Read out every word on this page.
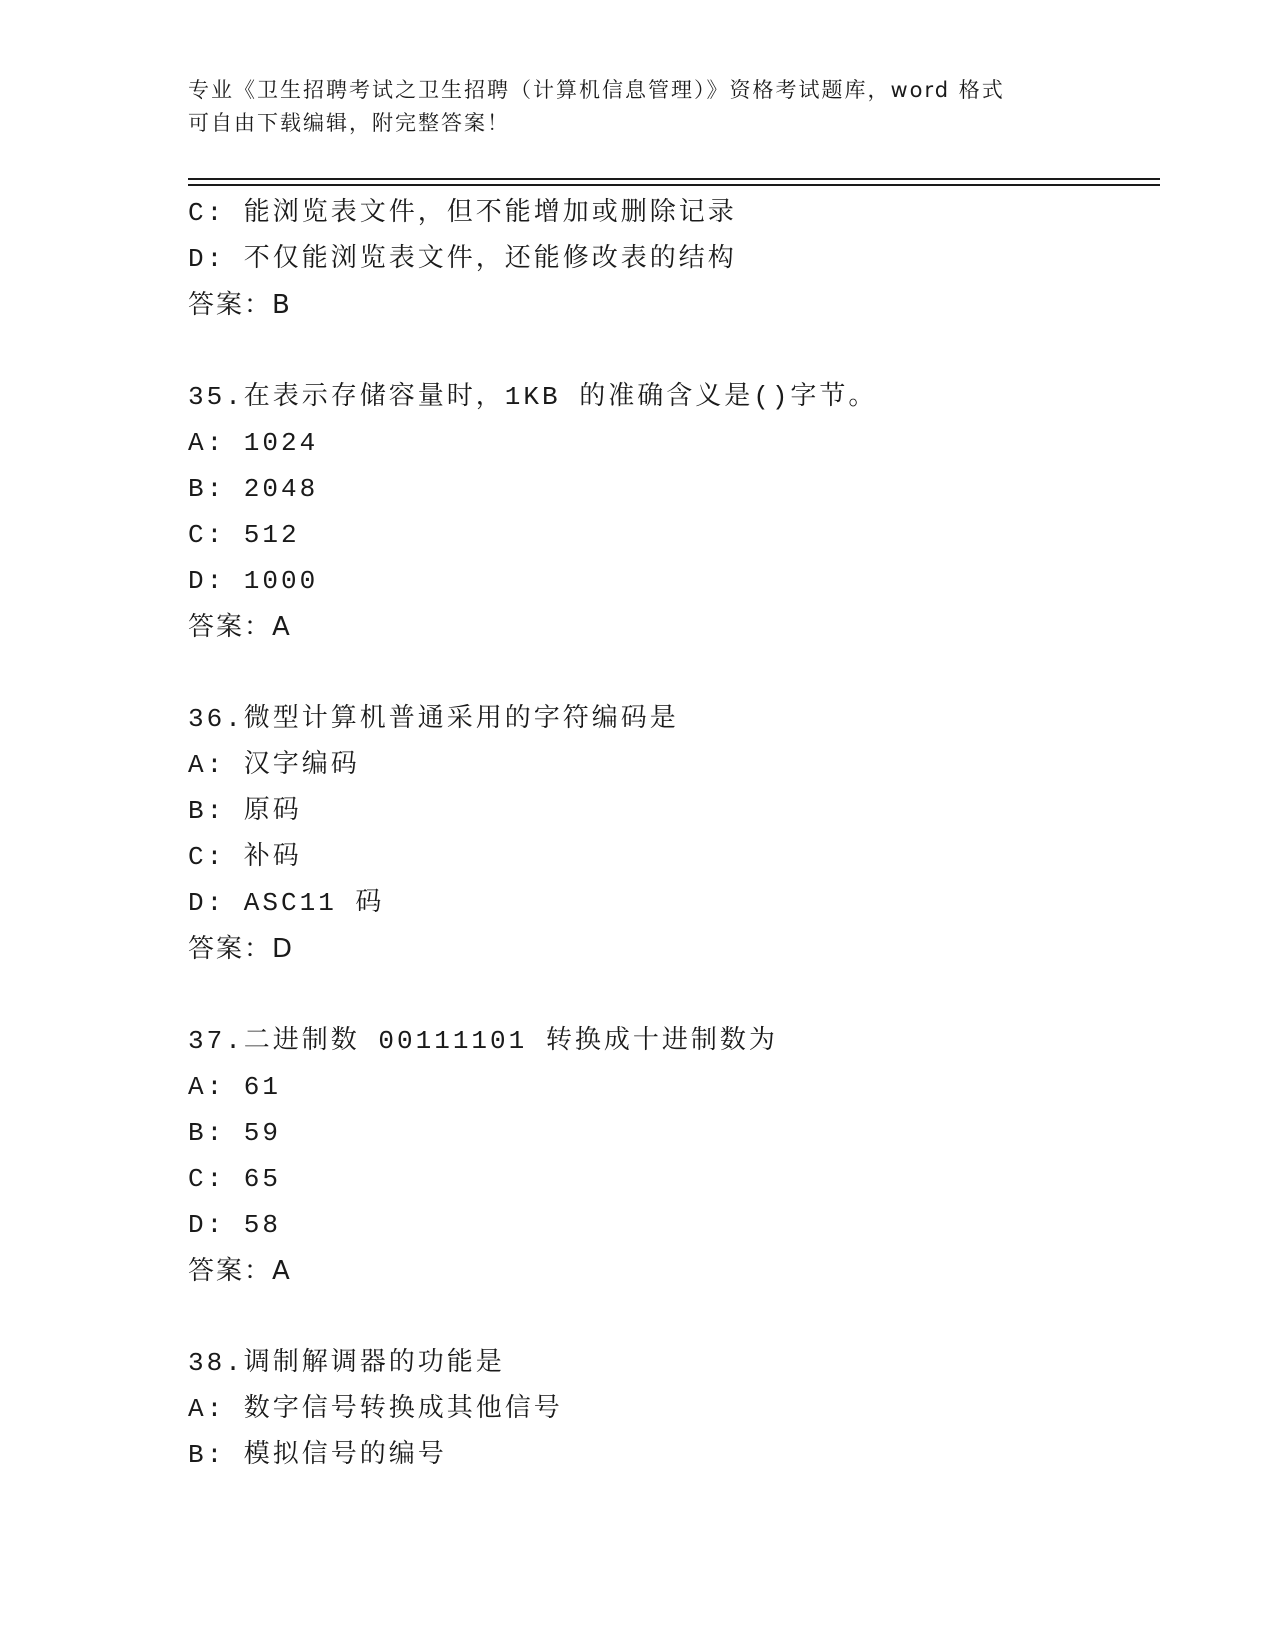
专业《卫生招聘考试之卫生招聘（计算机信息管理）》资格考试题库，word 格式
可自由下载编辑，附完整答案！
C: 能浏览表文件，但不能增加或删除记录
D: 不仅能浏览表文件，还能修改表的结构
答案：B
35.在表示存储容量时，1KB 的准确含义是()字节。
A: 1024
B: 2048
C: 512
D: 1000
答案：A
36.微型计算机普通采用的字符编码是
A: 汉字编码
B: 原码
C: 补码
D: ASC11 码
答案：D
37.二进制数 00111101 转换成十进制数为
A: 61
B: 59
C: 65
D: 58
答案：A
38.调制解调器的功能是
A: 数字信号转换成其他信号
B: 模拟信号的编号
